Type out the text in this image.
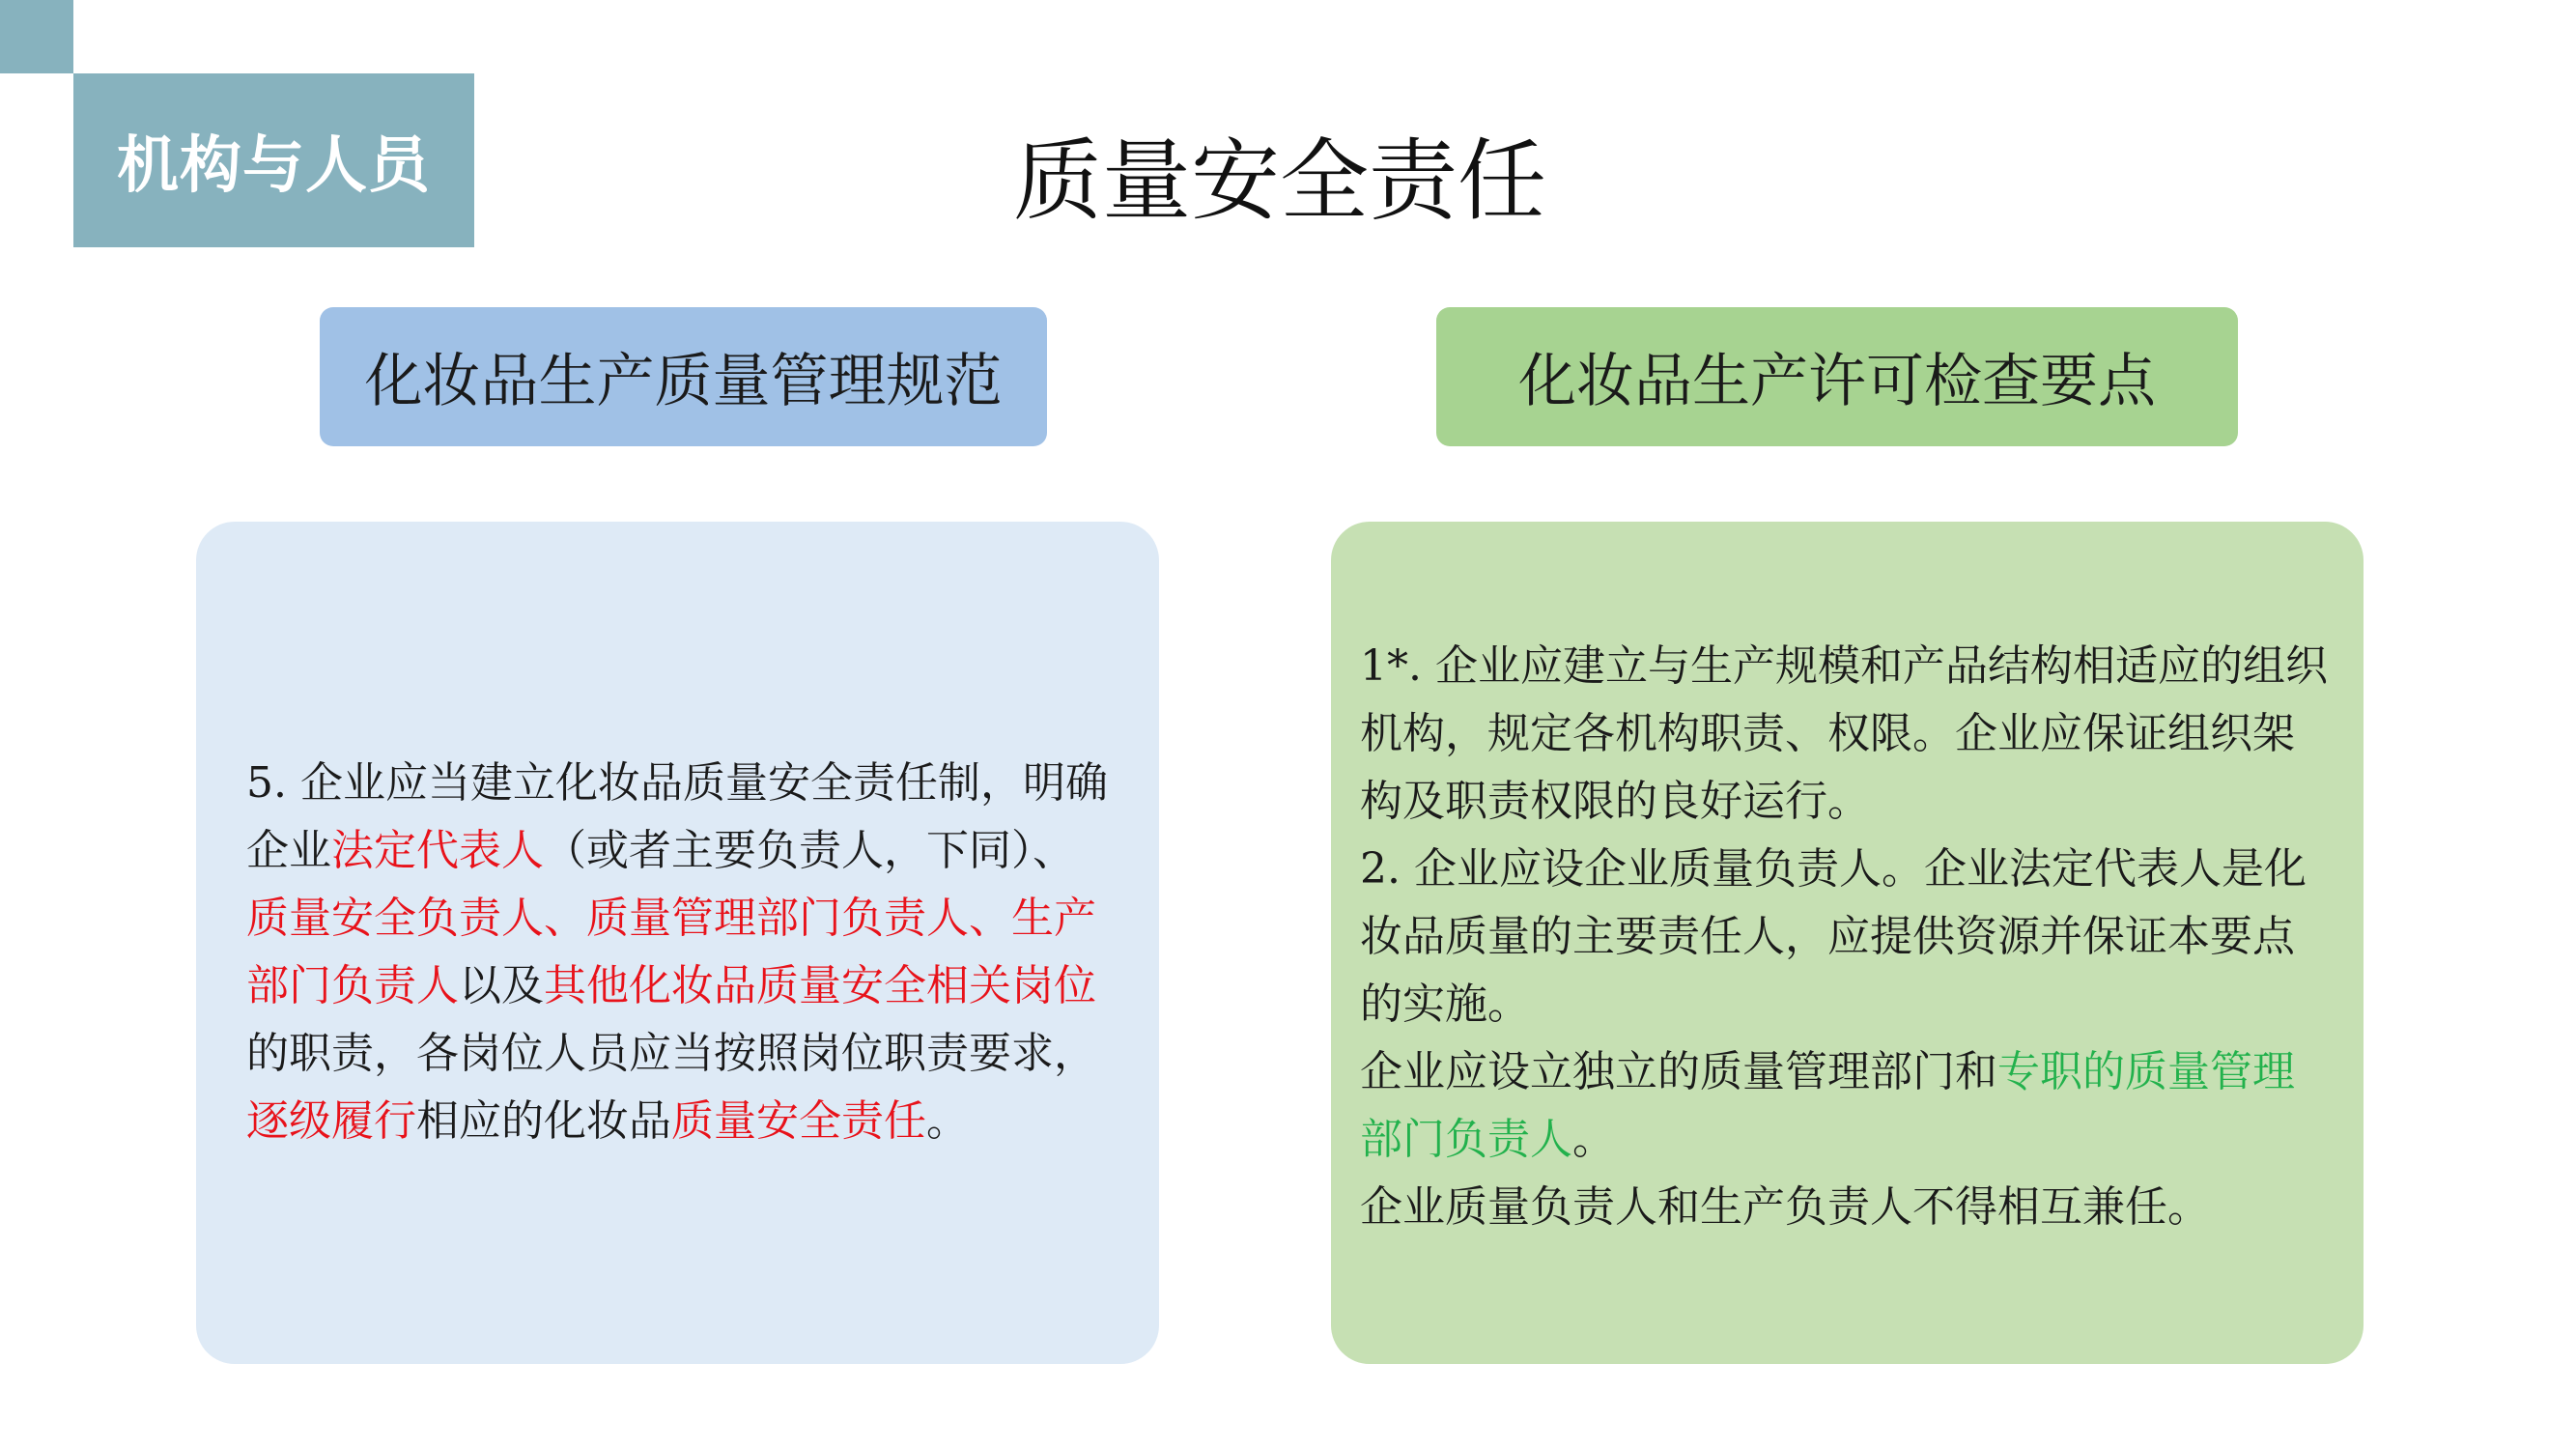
机构与人员	质量安全责任
化妆品生产质量管理规范	化妆品生产许可检查要点
5. 企业应当建立化妆品质量安全责任制，明确企业法定代表人（或者主要负责人，下同）、质量安全负责人、质量管理部门负责人、生产部门负责人以及其他化妆品质量安全相关岗位的职责，各岗位人员应当按照岗位职责要求，逐级履行相应的化妆品质量安全责任。
1*. 企业应建立与生产规模和产品结构相适应的组织机构，规定各机构职责、权限。企业应保证组织架构及职责权限的良好运行。
2. 企业应设企业质量负责人。企业法定代表人是化妆品质量的主要责任人，应提供资源并保证本要点的实施。
企业应设立独立的质量管理部门和专职的质量管理部门负责人。
企业质量负责人和生产负责人不得相互兼任。
